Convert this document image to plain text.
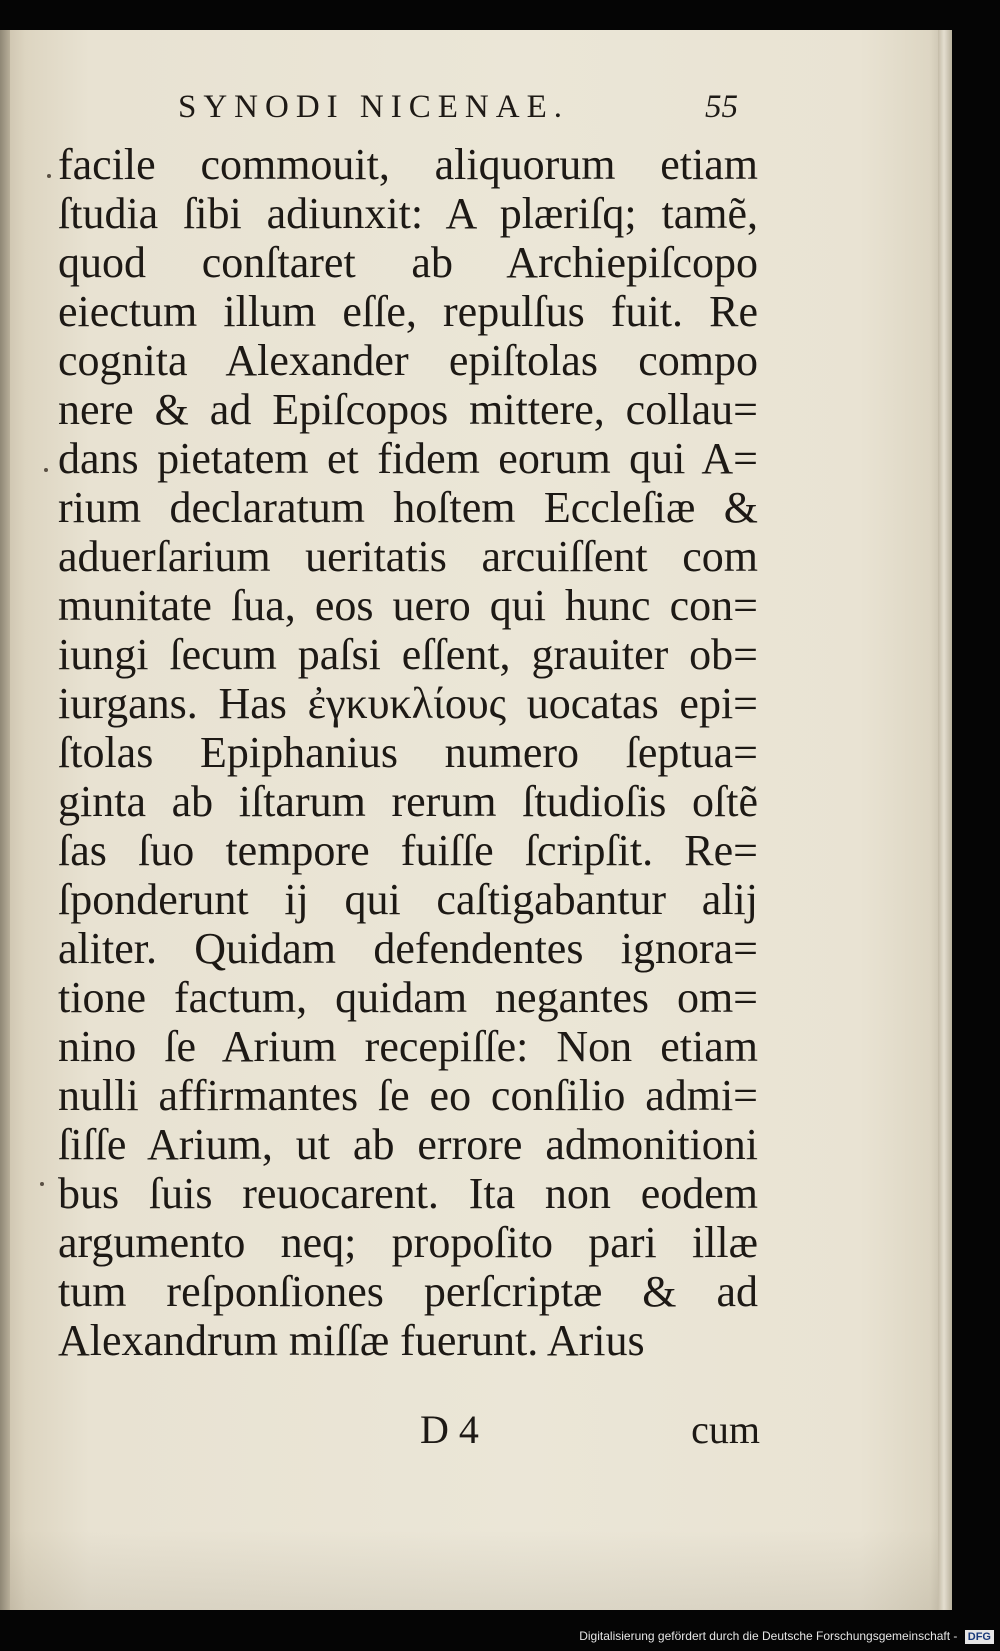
SYNODI NICENAE.	55
facile commouit, aliquorum etiam
ſtudia ſibi adiunxit: A plæriſq; tamẽ,
quod conſtaret ab Archiepiſcopo
eiectum illum eſſe, repulſus fuit. Re
cognita Alexander epiſtolas compo
nere & ad Epiſcopos mittere, collau=
dans pietatem et fidem eorum qui A=
rium declaratum hoſtem Eccleſiæ &
aduerſarium ueritatis arcuiſſent com
munitate ſua, eos uero qui hunc con=
iungi ſecum paſsi eſſent, grauiter ob=
iurgans. Has ἐγκυκλίους uocatas epi=
ſtolas Epiphanius numero ſeptua=
ginta ab iſtarum rerum ſtudioſis oſtẽ
ſas ſuo tempore fuiſſe ſcripſit. Re=
ſponderunt ij qui caſtigabantur alij
aliter. Quidam defendentes ignora=
tione factum, quidam negantes om=
nino ſe Arium recepiſſe: Non etiam
nulli affirmantes ſe eo conſilio admi=
ſiſſe Arium, ut ab errore admonitioni
bus ſuis reuocarent. Ita non eodem
argumento neq; propoſito pari illæ
tum reſponſiones perſcriptæ & ad
Alexandrum miſſæ fuerunt. Arius
D 4	cum
Digitalisierung gefördert durch die Deutsche Forschungsgemeinschaft - DFG
